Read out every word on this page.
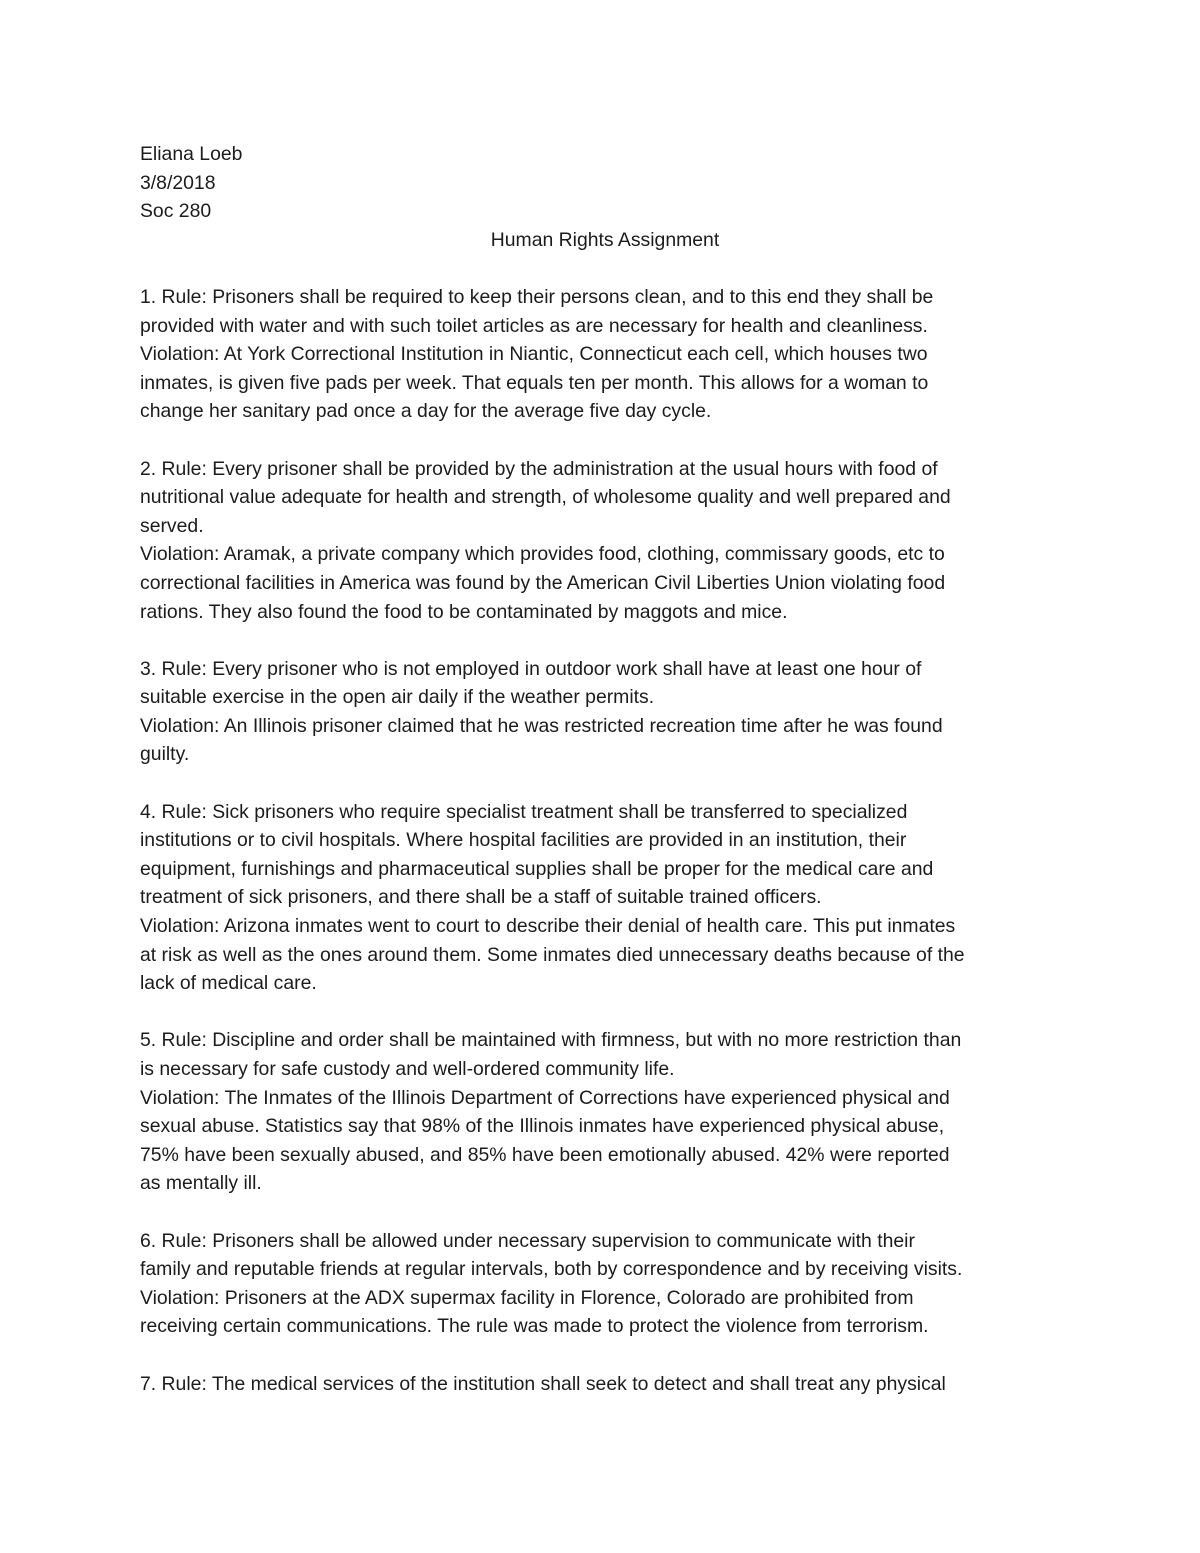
Eliana Loeb
3/8/2018
Soc 280
Human Rights Assignment
1. Rule: Prisoners shall be required to keep their persons clean, and to this end they shall be
provided with water and with such toilet articles as are necessary for health and cleanliness.
Violation: At York Correctional Institution in Niantic, Connecticut each cell, which houses two
inmates, is given five pads per week. That equals ten per month. This allows for a woman to
change her sanitary pad once a day for the average five day cycle.
2. Rule: Every prisoner shall be provided by the administration at the usual hours with food of
nutritional value adequate for health and strength, of wholesome quality and well prepared and
served.
Violation: Aramak, a private company which provides food, clothing, commissary goods, etc to
correctional facilities in America was found by the American Civil Liberties Union violating food
rations. They also found the food to be contaminated by maggots and mice.
3. Rule: Every prisoner who is not employed in outdoor work shall have at least one hour of
suitable exercise in the open air daily if the weather permits.
Violation: An Illinois prisoner claimed that he was restricted recreation time after he was found
guilty.
4. Rule: Sick prisoners who require specialist treatment shall be transferred to specialized
institutions or to civil hospitals. Where hospital facilities are provided in an institution, their
equipment, furnishings and pharmaceutical supplies shall be proper for the medical care and
treatment of sick prisoners, and there shall be a staff of suitable trained officers.
Violation: Arizona inmates went to court to describe their denial of health care. This put inmates
at risk as well as the ones around them. Some inmates died unnecessary deaths because of the
lack of medical care.
5. Rule: Discipline and order shall be maintained with firmness, but with no more restriction than
is necessary for safe custody and well-ordered community life.
Violation: The Inmates of the Illinois Department of Corrections have experienced physical and
sexual abuse. Statistics say that 98% of the Illinois inmates have experienced physical abuse,
75% have been sexually abused, and 85% have been emotionally abused. 42% were reported
as mentally ill.
6. Rule: Prisoners shall be allowed under necessary supervision to communicate with their
family and reputable friends at regular intervals, both by correspondence and by receiving visits.
Violation: Prisoners at the ADX supermax facility in Florence, Colorado are prohibited from
receiving certain communications. The rule was made to protect the violence from terrorism.
7. Rule: The medical services of the institution shall seek to detect and shall treat any physical
